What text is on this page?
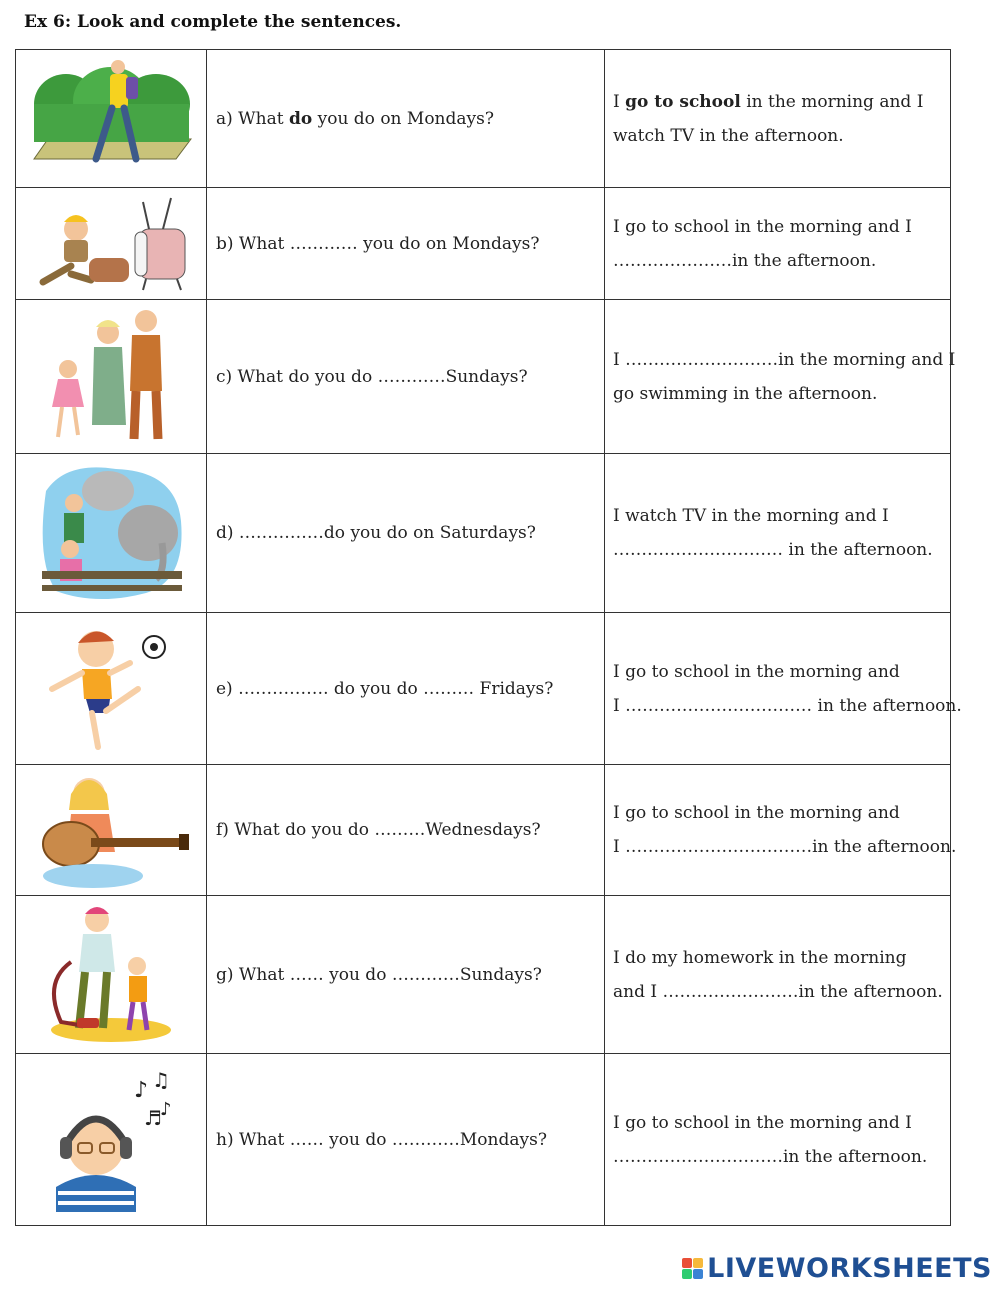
Ex 6: Look and complete the sentences.
	a) What do you do on Mondays?	I go to school in the morning and I
watch TV in the afternoon.

	b) What ………… you do on Mondays?	I go to school in the morning and I
…………………in the afternoon.

	c) What do you do …………Sundays?	I ………………………in the morning and I
go swimming in the afternoon.

	d) ……………do you do on Saturdays?	I watch TV in the morning and I
………………………… in the afternoon.

	e) ……………. do you do ……… Fridays?	I go to school in the morning and
I …………………………… in the afternoon.

	f) What do you do ………Wednesdays?	I go to school in the morning and
I ……………………………in the afternoon.

	g) What …… you do …………Sundays?	I do my homework in the morning
and I ……………………in the afternoon.

♪ ♫
♬
♪	h) What …… you do …………Mondays?	I go to school in the morning and I
…………………………in the afternoon.
LIVEWORKSHEETS
